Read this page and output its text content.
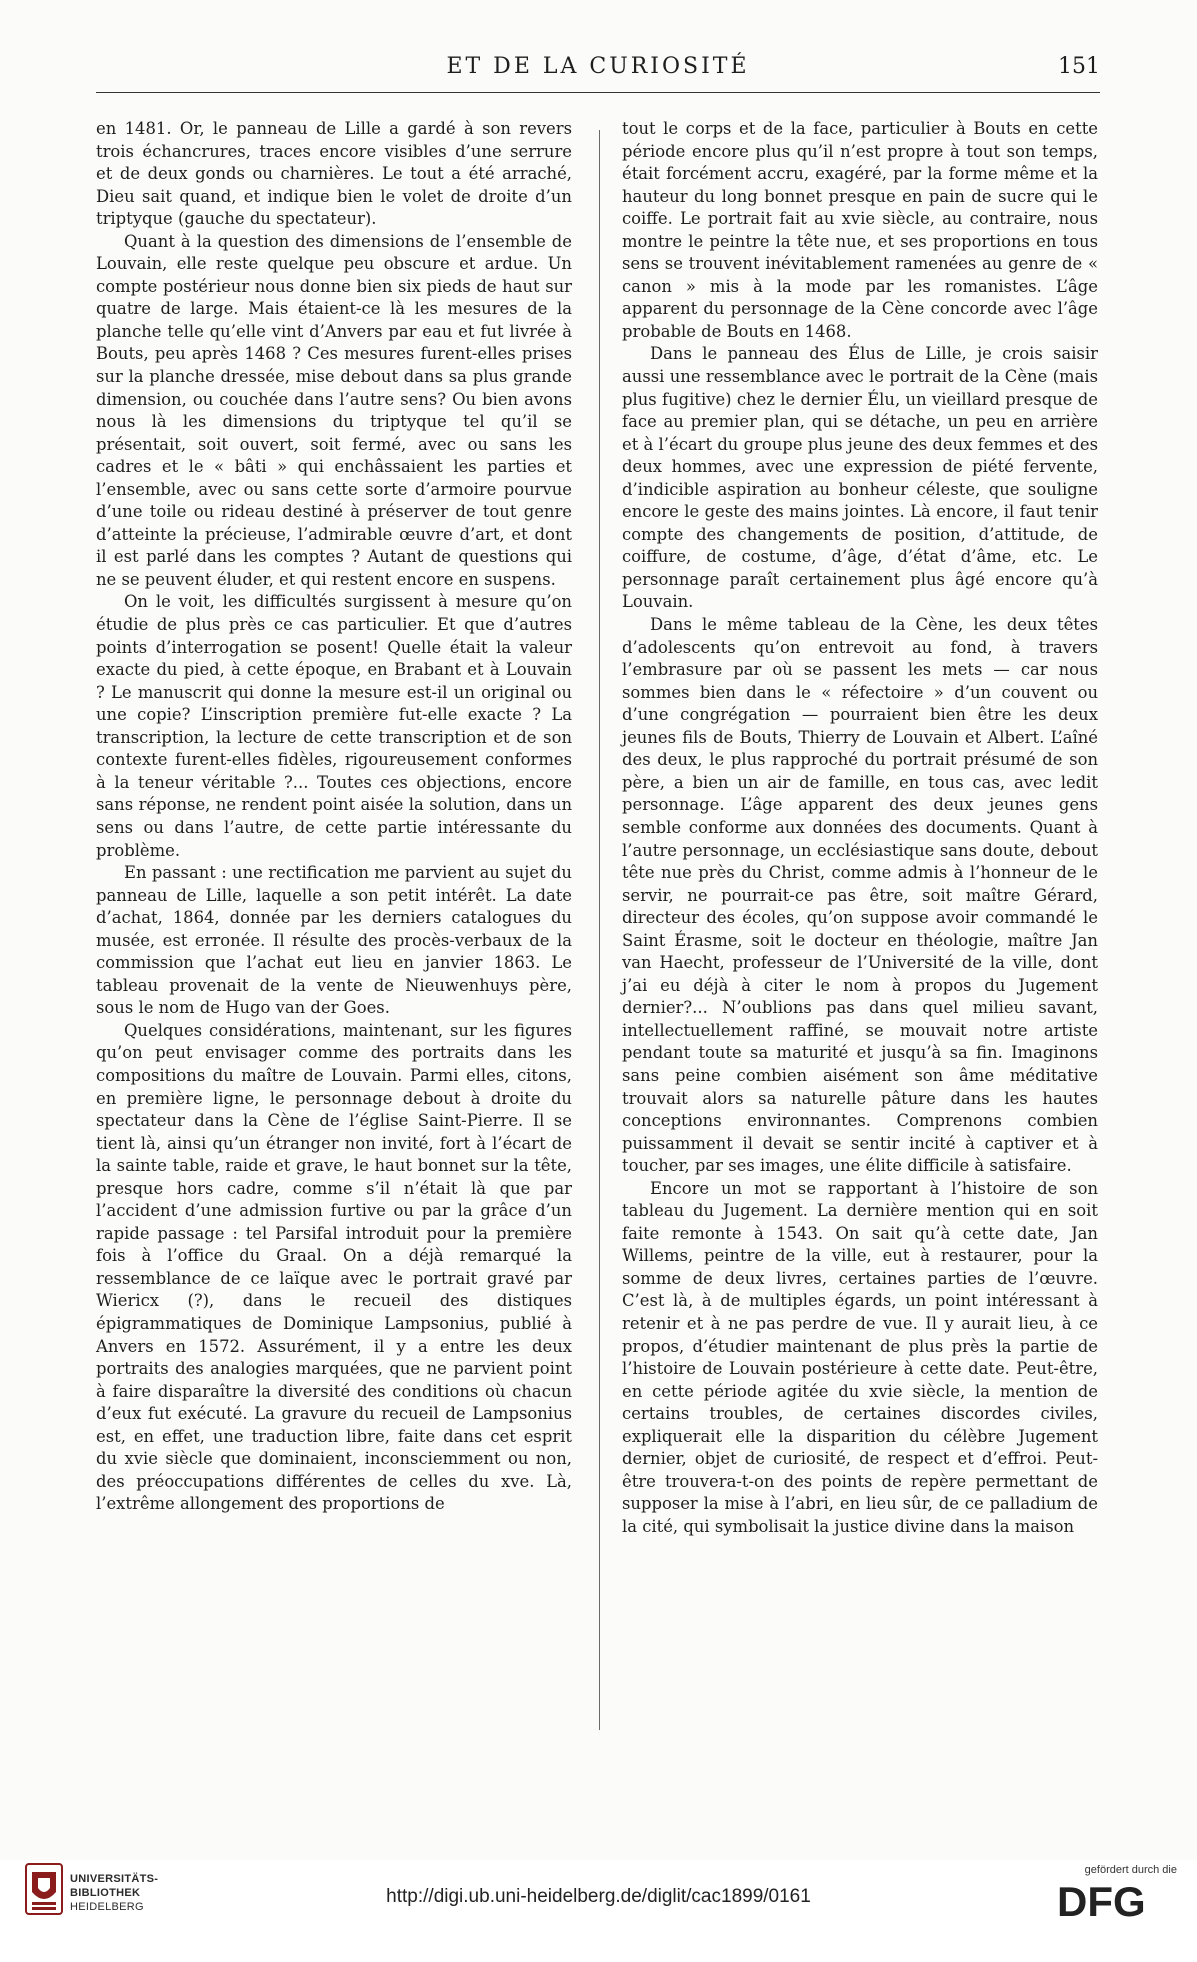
ET DE LA CURIOSITÉ	151

en 1481. Or, le panneau de Lille a gardé à son revers trois échancrures, traces encore visibles d’une serrure et de deux gonds ou charnières. Le tout a été arraché, Dieu sait quand, et indique bien le volet de droite d’un triptyque (gauche du spectateur).

Quant à la question des dimensions de l’ensemble de Louvain, elle reste quelque peu obscure et ardue. Un compte postérieur nous donne bien six pieds de haut sur quatre de large. Mais étaient-ce là les mesures de la planche telle qu’elle vint d’Anvers par eau et fut livrée à Bouts, peu après 1468 ? Ces mesures furent-elles prises sur la planche dressée, mise debout dans sa plus grande dimension, ou couchée dans l’autre sens? Ou bien avons nous là les dimensions du triptyque tel qu’il se présentait, soit ouvert, soit fermé, avec ou sans les cadres et le « bâti » qui enchâssaient les parties et l’ensemble, avec ou sans cette sorte d’armoire pourvue d’une toile ou rideau destiné à préserver de tout genre d’atteinte la précieuse, l’admirable œuvre d’art, et dont il est parlé dans les comptes ? Autant de questions qui ne se peuvent éluder, et qui restent encore en suspens.

On le voit, les difficultés surgissent à mesure qu’on étudie de plus près ce cas particulier. Et que d’autres points d’interrogation se posent! Quelle était la valeur exacte du pied, à cette époque, en Brabant et à Louvain ? Le manuscrit qui donne la mesure est-il un original ou une copie? L’inscription première fut-elle exacte ? La transcription, la lecture de cette transcription et de son contexte furent-elles fidèles, rigoureusement conformes à la teneur véritable ?... Toutes ces objections, encore sans réponse, ne rendent point aisée la solution, dans un sens ou dans l’autre, de cette partie intéressante du problème.

En passant : une rectification me parvient au sujet du panneau de Lille, laquelle a son petit intérêt. La date d’achat, 1864, donnée par les derniers catalogues du musée, est erronée. Il résulte des procès-verbaux de la commission que l’achat eut lieu en janvier 1863. Le tableau provenait de la vente de Nieuwenhuys père, sous le nom de Hugo van der Goes.

Quelques considérations, maintenant, sur les figures qu’on peut envisager comme des portraits dans les compositions du maître de Louvain. Parmi elles, citons, en première ligne, le personnage debout à droite du spectateur dans la Cène de l’église Saint-Pierre. Il se tient là, ainsi qu’un étranger non invité, fort à l’écart de la sainte table, raide et grave, le haut bonnet sur la tête, presque hors cadre, comme s’il n’était là que par l’accident d’une admission furtive ou par la grâce d’un rapide passage : tel Parsifal introduit pour la première fois à l’office du Graal. On a déjà remarqué la ressemblance de ce laïque avec le portrait gravé par Wiericx (?), dans le recueil des distiques épigrammatiques de Dominique Lampsonius, publié à Anvers en 1572. Assurément, il y a entre les deux portraits des analogies marquées, que ne parvient point à faire disparaître la diversité des conditions où chacun d’eux fut exécuté. La gravure du recueil de Lampsonius est, en effet, une traduction libre, faite dans cet esprit du xvie siècle que dominaient, inconsciemment ou non, des préoccupations différentes de celles du xve. Là, l’extrême allongement des proportions de

tout le corps et de la face, particulier à Bouts en cette période encore plus qu’il n’est propre à tout son temps, était forcément accru, exagéré, par la forme même et la hauteur du long bonnet presque en pain de sucre qui le coiffe. Le portrait fait au xvie siècle, au contraire, nous montre le peintre la tête nue, et ses proportions en tous sens se trouvent inévitablement ramenées au genre de « canon » mis à la mode par les romanistes. L’âge apparent du personnage de la Cène concorde avec l’âge probable de Bouts en 1468.

Dans le panneau des Élus de Lille, je crois saisir aussi une ressemblance avec le portrait de la Cène (mais plus fugitive) chez le dernier Élu, un vieillard presque de face au premier plan, qui se détache, un peu en arrière et à l’écart du groupe plus jeune des deux femmes et des deux hommes, avec une expression de piété fervente, d’indicible aspiration au bonheur céleste, que souligne encore le geste des mains jointes. Là encore, il faut tenir compte des changements de position, d’attitude, de coiffure, de costume, d’âge, d’état d’âme, etc. Le personnage paraît certainement plus âgé encore qu’à Louvain.

Dans le même tableau de la Cène, les deux têtes d’adolescents qu’on entrevoit au fond, à travers l’embrasure par où se passent les mets — car nous sommes bien dans le « réfectoire » d’un couvent ou d’une congrégation — pourraient bien être les deux jeunes fils de Bouts, Thierry de Louvain et Albert. L’aîné des deux, le plus rapproché du portrait présumé de son père, a bien un air de famille, en tous cas, avec ledit personnage. L’âge apparent des deux jeunes gens semble conforme aux données des documents. Quant à l’autre personnage, un ecclésiastique sans doute, debout tête nue près du Christ, comme admis à l’honneur de le servir, ne pourrait-ce pas être, soit maître Gérard, directeur des écoles, qu’on suppose avoir commandé le Saint Érasme, soit le docteur en théologie, maître Jan van Haecht, professeur de l’Université de la ville, dont j’ai eu déjà à citer le nom à propos du Jugement dernier?... N’oublions pas dans quel milieu savant, intellectuellement raffiné, se mouvait notre artiste pendant toute sa maturité et jusqu’à sa fin. Imaginons sans peine combien aisément son âme méditative trouvait alors sa naturelle pâture dans les hautes conceptions environnantes. Comprenons combien puissamment il devait se sentir incité à captiver et à toucher, par ses images, une élite difficile à satisfaire.

Encore un mot se rapportant à l’histoire de son tableau du Jugement. La dernière mention qui en soit faite remonte à 1543. On sait qu’à cette date, Jan Willems, peintre de la ville, eut à restaurer, pour la somme de deux livres, certaines parties de l’œuvre. C’est là, à de multiples égards, un point intéressant à retenir et à ne pas perdre de vue. Il y aurait lieu, à ce propos, d’étudier maintenant de plus près la partie de l’histoire de Louvain postérieure à cette date. Peut-être, en cette période agitée du xvie siècle, la mention de certains troubles, de certaines discordes civiles, expliquerait elle la disparition du célèbre Jugement dernier, objet de curiosité, de respect et d’effroi. Peut-être trouvera-t-on des points de repère permettant de supposer la mise à l’abri, en lieu sûr, de ce palladium de la cité, qui symbolisait la justice divine dans la maison

UNIVERSITÄTS-
BIBLIOTHEK
HEIDELBERG	http://digi.ub.uni-heidelberg.de/diglit/cac1899/0161
gefördert durch die
DFG
